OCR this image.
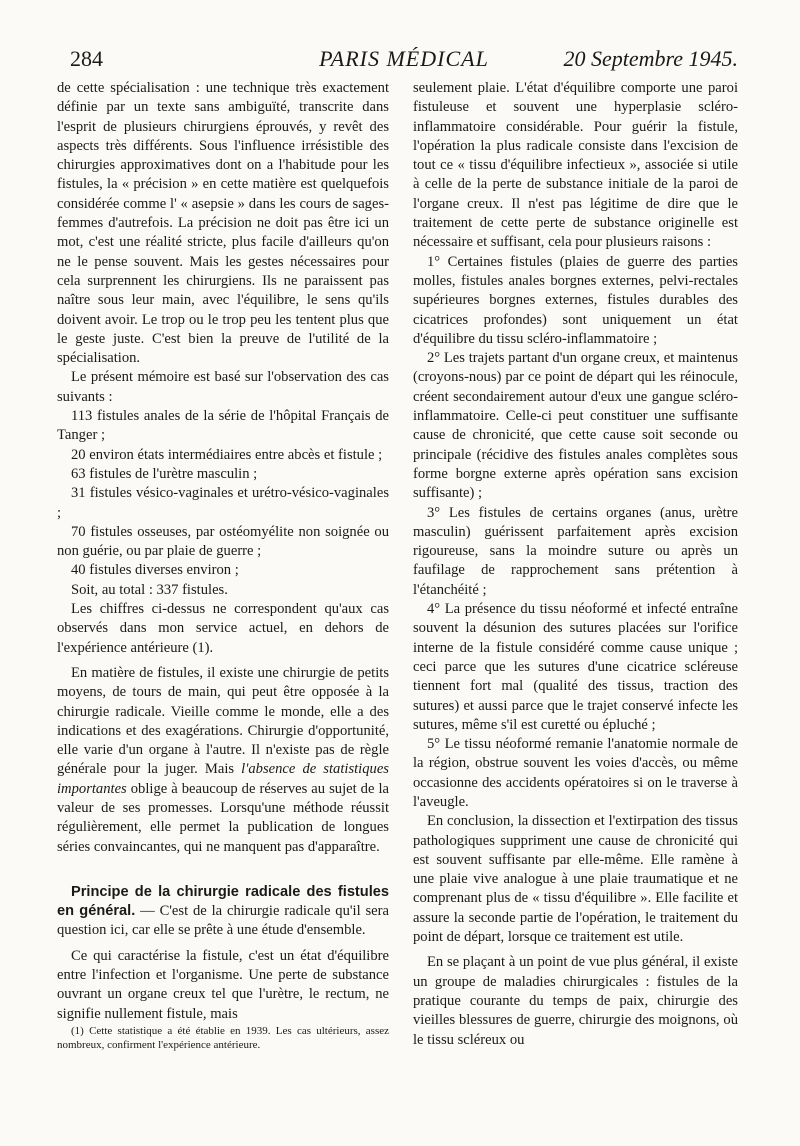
284	PARIS MÉDICAL	20 Septembre 1945.

de cette spécialisation : une technique très exactement définie par un texte sans ambiguïté, transcrite dans l'esprit de plusieurs chirurgiens éprouvés, y revêt des aspects très différents. Sous l'influence irrésistible des chirurgies approximatives dont on a l'habitude pour les fistules, la « précision » en cette matière est quelquefois considérée comme l' « asepsie » dans les cours de sages-femmes d'autrefois. La précision ne doit pas être ici un mot, c'est une réalité stricte, plus facile d'ailleurs qu'on ne le pense souvent. Mais les gestes nécessaires pour cela surprennent les chirurgiens. Ils ne paraissent pas naître sous leur main, avec l'équilibre, le sens qu'ils doivent avoir. Le trop ou le trop peu les tentent plus que le geste juste. C'est bien la preuve de l'utilité de la spécialisation.

Le présent mémoire est basé sur l'observation des cas suivants :

113 fistules anales de la série de l'hôpital Français de Tanger ;

20 environ états intermédiaires entre abcès et fistule ;

63 fistules de l'urètre masculin ;

31 fistules vésico-vaginales et urétro-vésico-vaginales ;

70 fistules osseuses, par ostéomyélite non soignée ou non guérie, ou par plaie de guerre ;

40 fistules diverses environ ;

Soit, au total : 337 fistules.

Les chiffres ci-dessus ne correspondent qu'aux cas observés dans mon service actuel, en dehors de l'expérience antérieure (1).

En matière de fistules, il existe une chirurgie de petits moyens, de tours de main, qui peut être opposée à la chirurgie radicale. Vieille comme le monde, elle a des indications et des exagérations. Chirurgie d'opportunité, elle varie d'un organe à l'autre. Il n'existe pas de règle générale pour la juger. Mais l'absence de statistiques importantes oblige à beaucoup de réserves au sujet de la valeur de ses promesses. Lorsqu'une méthode réussit régulièrement, elle permet la publication de longues séries convaincantes, qui ne manquent pas d'apparaître.

Principe de la chirurgie radicale des fistules en général. — C'est de la chirurgie radicale qu'il sera question ici, car elle se prête à une étude d'ensemble.

Ce qui caractérise la fistule, c'est un état d'équilibre entre l'infection et l'organisme. Une perte de substance ouvrant un organe creux tel que l'urètre, le rectum, ne signifie nullement fistule, mais

(1) Cette statistique a été établie en 1939. Les cas ultérieurs, assez nombreux, confirment l'expérience antérieure.

seulement plaie. L'état d'équilibre comporte une paroi fistuleuse et souvent une hyperplasie scléro-inflammatoire considérable. Pour guérir la fistule, l'opération la plus radicale consiste dans l'excision de tout ce « tissu d'équilibre infectieux », associée si utile à celle de la perte de substance initiale de la paroi de l'organe creux. Il n'est pas légitime de dire que le traitement de cette perte de substance originelle est nécessaire et suffisant, cela pour plusieurs raisons :

1° Certaines fistules (plaies de guerre des parties molles, fistules anales borgnes externes, pelvi-rectales supérieures borgnes externes, fistules durables des cicatrices profondes) sont uniquement un état d'équilibre du tissu scléro-inflammatoire ;

2° Les trajets partant d'un organe creux, et maintenus (croyons-nous) par ce point de départ qui les réinocule, créent secondairement autour d'eux une gangue scléro-inflammatoire. Celle-ci peut constituer une suffisante cause de chronicité, que cette cause soit seconde ou principale (récidive des fistules anales complètes sous forme borgne externe après opération sans excision suffisante) ;

3° Les fistules de certains organes (anus, urètre masculin) guérissent parfaitement après excision rigoureuse, sans la moindre suture ou après un faufilage de rapprochement sans prétention à l'étanchéité ;

4° La présence du tissu néoformé et infecté entraîne souvent la désunion des sutures placées sur l'orifice interne de la fistule considéré comme cause unique ; ceci parce que les sutures d'une cicatrice scléreuse tiennent fort mal (qualité des tissus, traction des sutures) et aussi parce que le trajet conservé infecte les sutures, même s'il est curetté ou épluché ;

5° Le tissu néoformé remanie l'anatomie normale de la région, obstrue souvent les voies d'accès, ou même occasionne des accidents opératoires si on le traverse à l'aveugle.

En conclusion, la dissection et l'extirpation des tissus pathologiques suppriment une cause de chronicité qui est souvent suffisante par elle-même. Elle ramène à une plaie vive analogue à une plaie traumatique et ne comprenant plus de « tissu d'équilibre ». Elle facilite et assure la seconde partie de l'opération, le traitement du point de départ, lorsque ce traitement est utile.

En se plaçant à un point de vue plus général, il existe un groupe de maladies chirurgicales : fistules de la pratique courante du temps de paix, chirurgie des vieilles blessures de guerre, chirurgie des moignons, où le tissu scléreux ou
